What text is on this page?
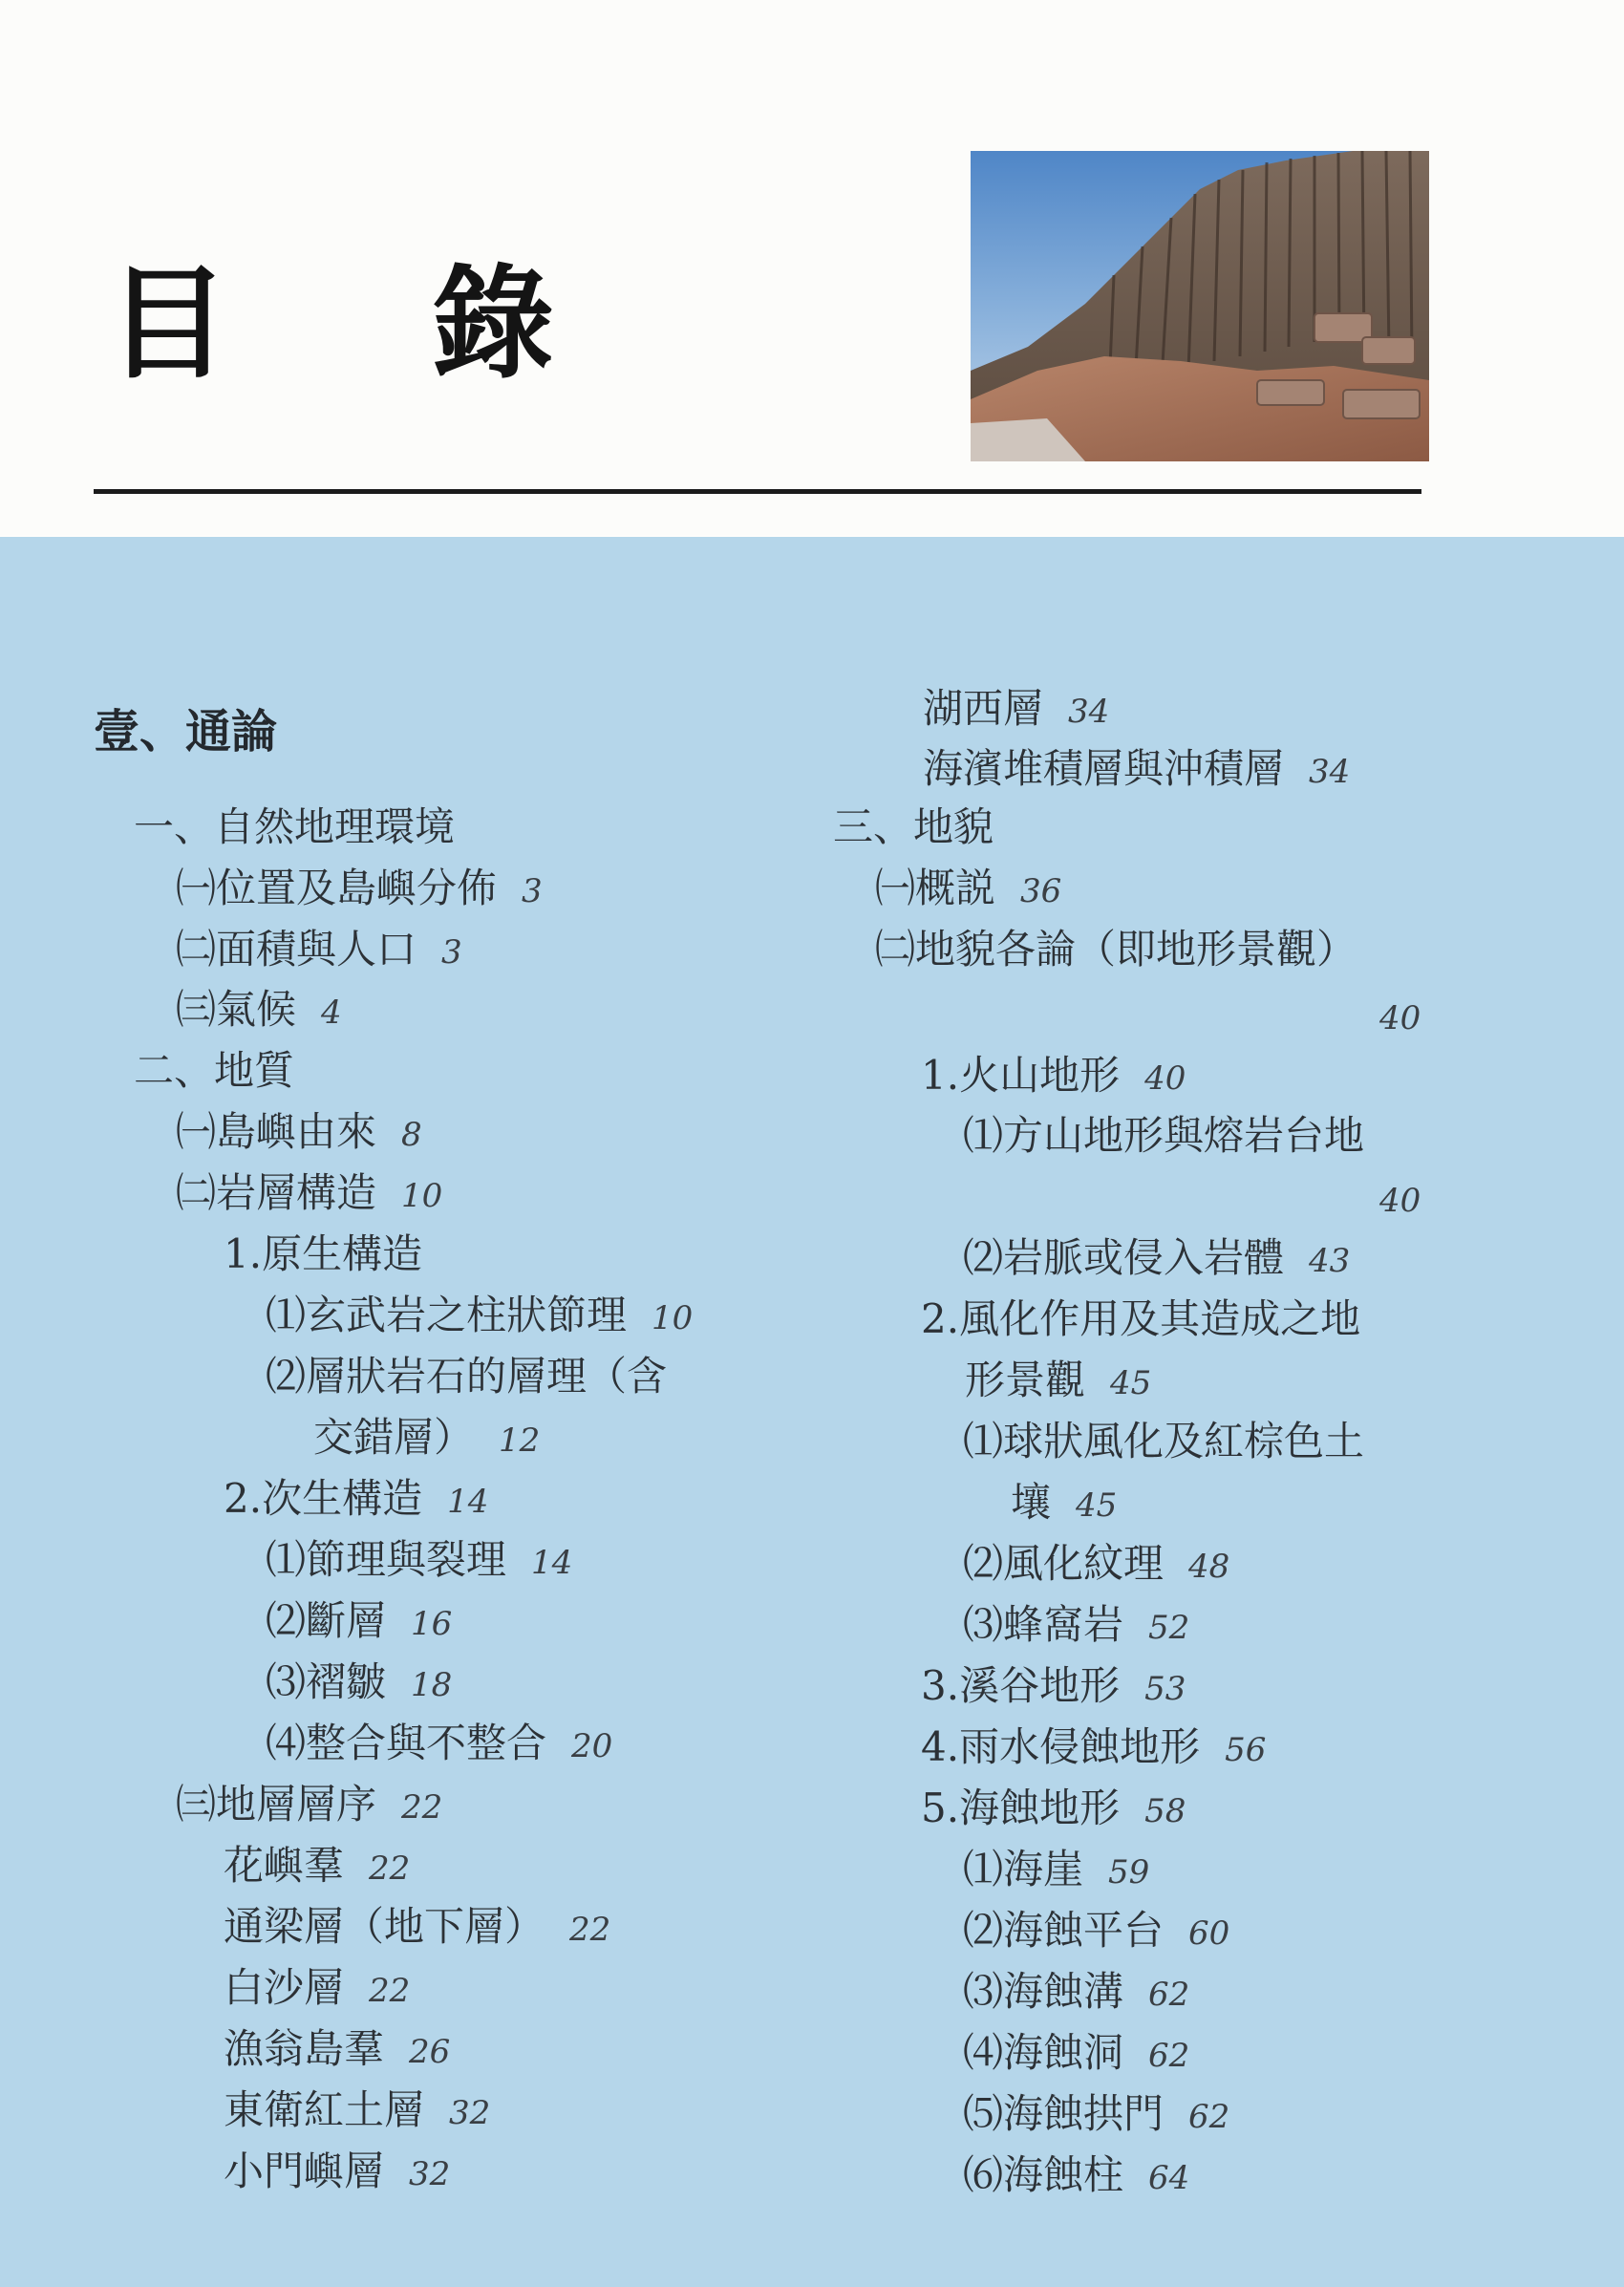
目	錄
壹、通論
一、自然地理環境
㈠位置及島嶼分佈 3
㈡面積與人口 3
㈢氣候 4
二、地質
㈠島嶼由來 8
㈡岩層構造 10
1.原生構造
⑴玄武岩之柱狀節理 10
⑵層狀岩石的層理（含
交錯層） 12
2.次生構造 14
⑴節理與裂理 14
⑵斷層 16
⑶褶皺 18
⑷整合與不整合 20
㈢地層層序 22
花嶼羣 22
通梁層（地下層） 22
白沙層 22
漁翁島羣 26
東衛紅土層 32
小門嶼層 32
湖西層 34
海濱堆積層與沖積層 34
三、地貌
㈠概説 36
㈡地貌各論（即地形景觀）
40
1.火山地形 40
⑴方山地形與熔岩台地
40
⑵岩脈或侵入岩體 43
2.風化作用及其造成之地
形景觀 45
⑴球狀風化及紅棕色土
壤 45
⑵風化紋理 48
⑶蜂窩岩 52
3.溪谷地形 53
4.雨水侵蝕地形 56
5.海蝕地形 58
⑴海崖 59
⑵海蝕平台 60
⑶海蝕溝 62
⑷海蝕洞 62
⑸海蝕拱門 62
⑹海蝕柱 64
